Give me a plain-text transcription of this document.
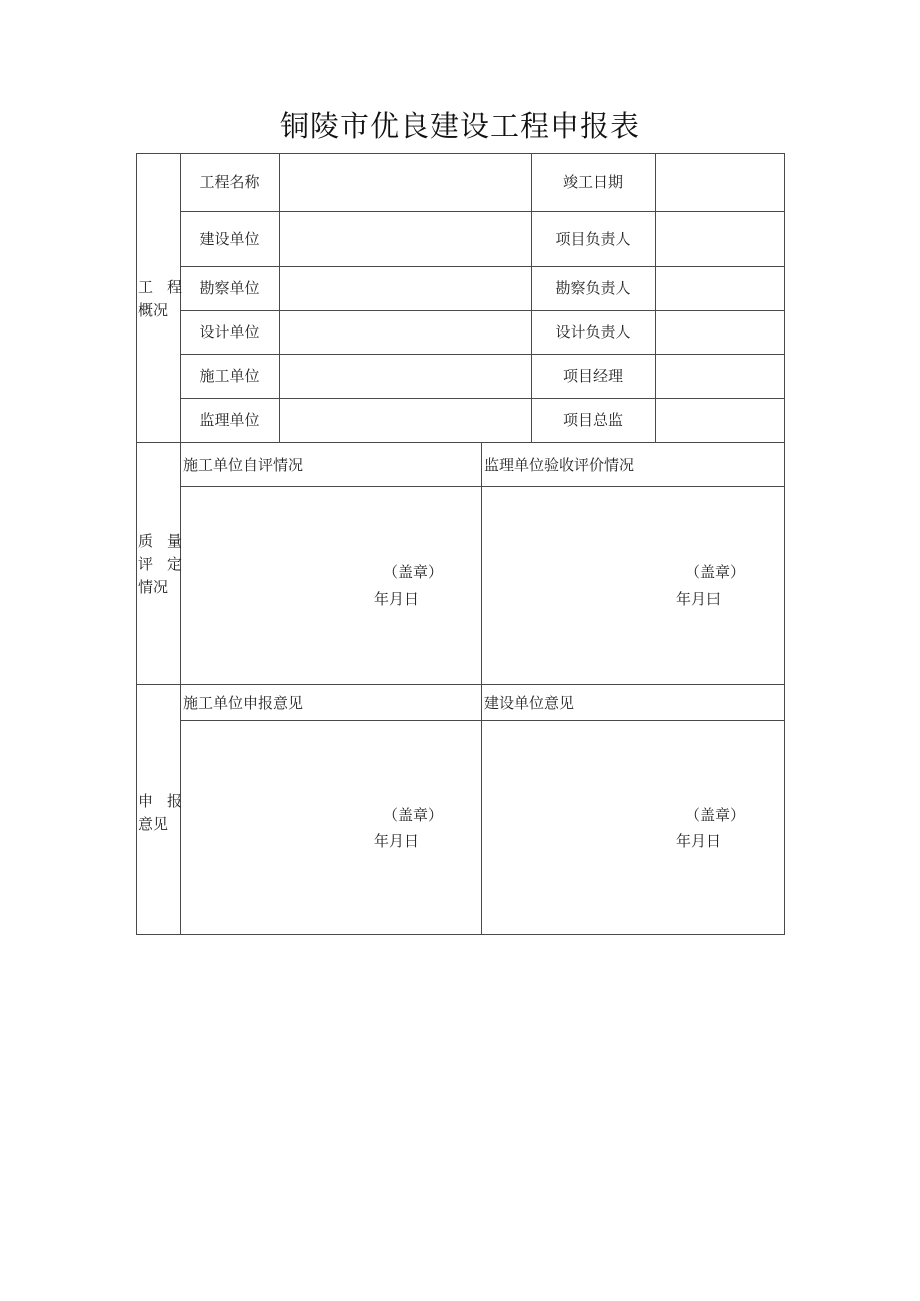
铜陵市优良建设工程申报表
工 程
概况
工程名称	竣工日期
建设单位	项目负责人
勘察单位	勘察负责人
设计单位	设计负责人
施工单位	项目经理
监理单位	项目总监
质 量
评 定
情况
施工单位自评情况	监理单位验收评价情况
（盖章）
年月日
（盖章）
年月曰
申 报
意见
施工单位申报意见	建设单位意见
（盖章）
年月日
（盖章）
年月日
